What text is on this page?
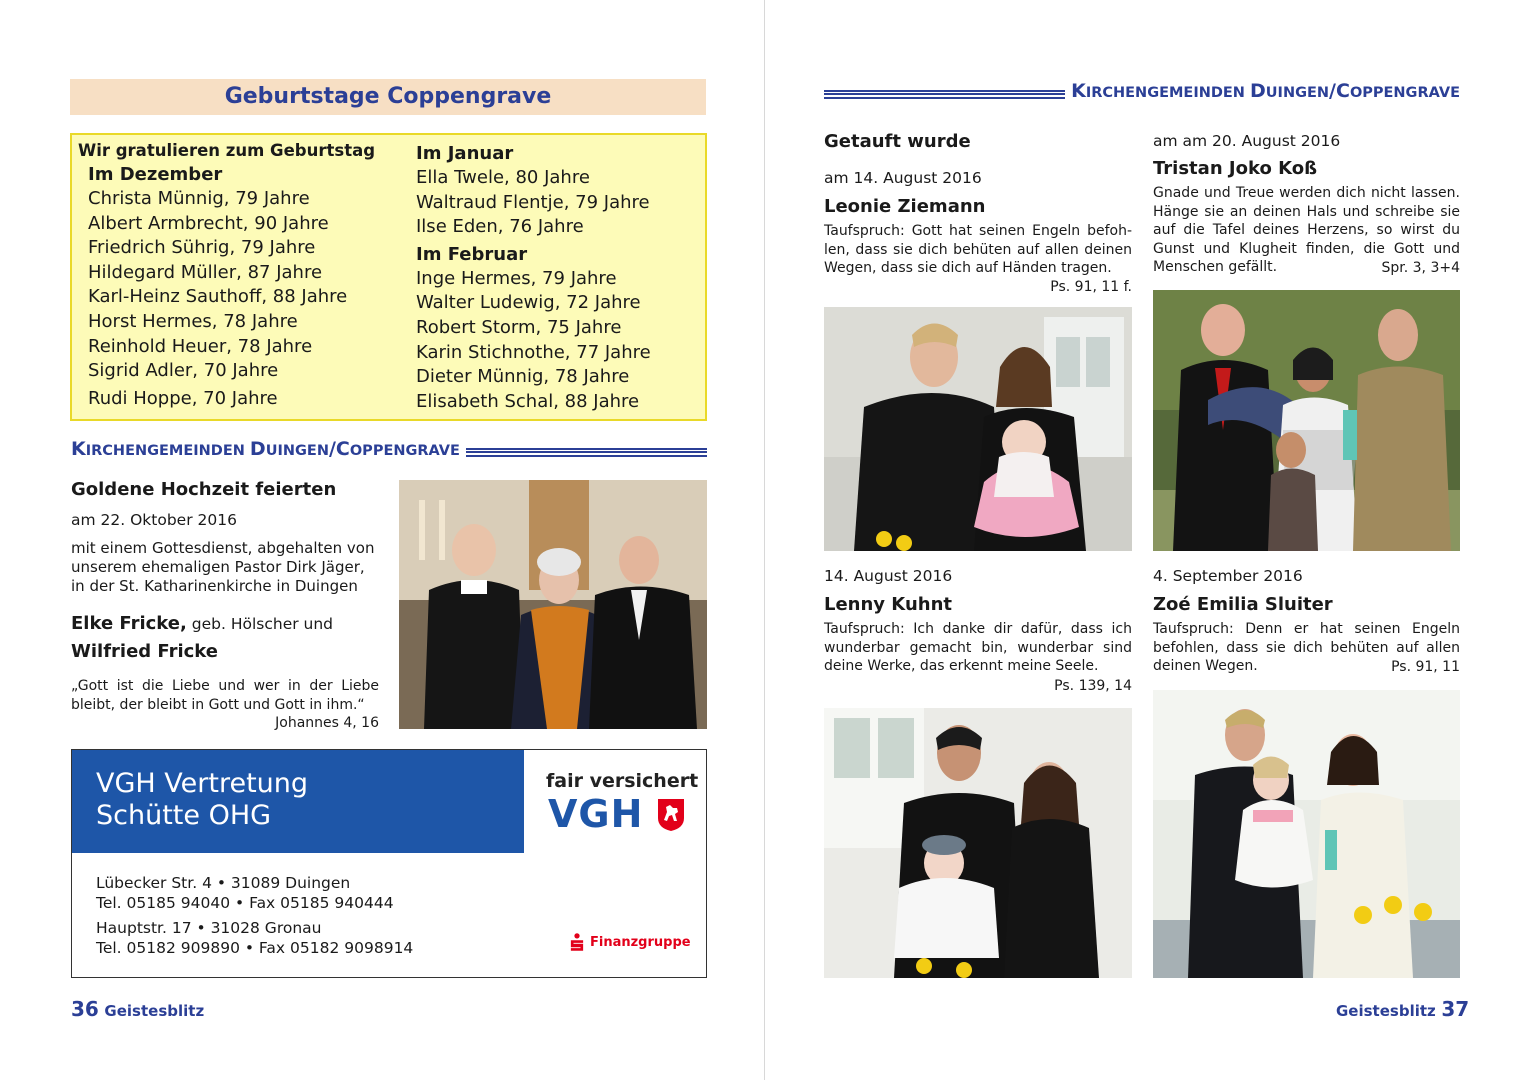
Geburtstage Coppengrave
Wir gratulieren zum Geburtstag
Im Dezember
Christa Münnig, 79 Jahre
Albert Armbrecht, 90 Jahre
Friedrich Sührig, 79 Jahre
Hildegard Müller, 87 Jahre
Karl-Heinz Sauthoff, 88 Jahre
Horst Hermes, 78 Jahre
Reinhold Heuer, 78 Jahre
Sigrid Adler, 70 Jahre
Rudi Hoppe, 70 Jahre
Im Januar
Ella Twele, 80 Jahre
Waltraud Flentje, 79 Jahre
Ilse Eden, 76 Jahre
Im Februar
Inge Hermes, 79 Jahre
Walter Ludewig, 72 Jahre
Robert Storm, 75 Jahre
Karin Stichnothe, 77 Jahre
Dieter Münnig, 78 Jahre
Elisabeth Schal, 88 Jahre
KIRCHENGEMEINDEN DUINGEN/COPPENGRAVE
Goldene Hochzeit feierten
am 22. Oktober 2016
mit einem Gottesdienst, abgehalten von unserem ehemaligen Pastor Dirk Jäger, in der St. Katharinenkirche in Duingen
Elke Fricke, geb. Hölscher und
Wilfried Fricke
„Gott ist die Liebe und wer in der Liebe bleibt, der bleibt in Gott und Gott in ihm.“
Johannes 4, 16
VGH Vertretung
Schütte OHG
fair versichert
VGH
Lübecker Str. 4 • 31089 Duingen
Tel. 05185 94040 • Fax 05185 940444
Hauptstr. 17 • 31028 Gronau
Tel. 05182 909890 • Fax 05182 9098914	Finanzgruppe
36 Geistesblitz
KIRCHENGEMEINDEN DUINGEN/COPPENGRAVE
Getauft wurde
am 14. August 2016
Leonie Ziemann
Taufspruch: Gott hat seinen Engeln befoh-len, dass sie dich behüten auf allen deinen Wegen, dass sie dich auf Händen tragen.
Ps. 91, 11 f.
am am 20. August 2016
Tristan Joko Koß
Gnade und Treue werden dich nicht lassen. Hänge sie an deinen Hals und schreibe sie auf die Tafel deines Herzens, so wirst du Gunst und Klugheit finden, die Gott und Menschen gefällt.	Spr. 3, 3+4
14. August 2016
Lenny Kuhnt
Taufspruch: Ich danke dir dafür, dass ich wunderbar gemacht bin, wunderbar sind deine Werke, das erkennt meine Seele.
Ps. 139, 14
4. September 2016
Zoé Emilia Sluiter
Taufspruch: Denn er hat seinen Engeln befohlen, dass sie dich behüten auf allen deinen Wegen.	Ps. 91, 11
Geistesblitz 37
